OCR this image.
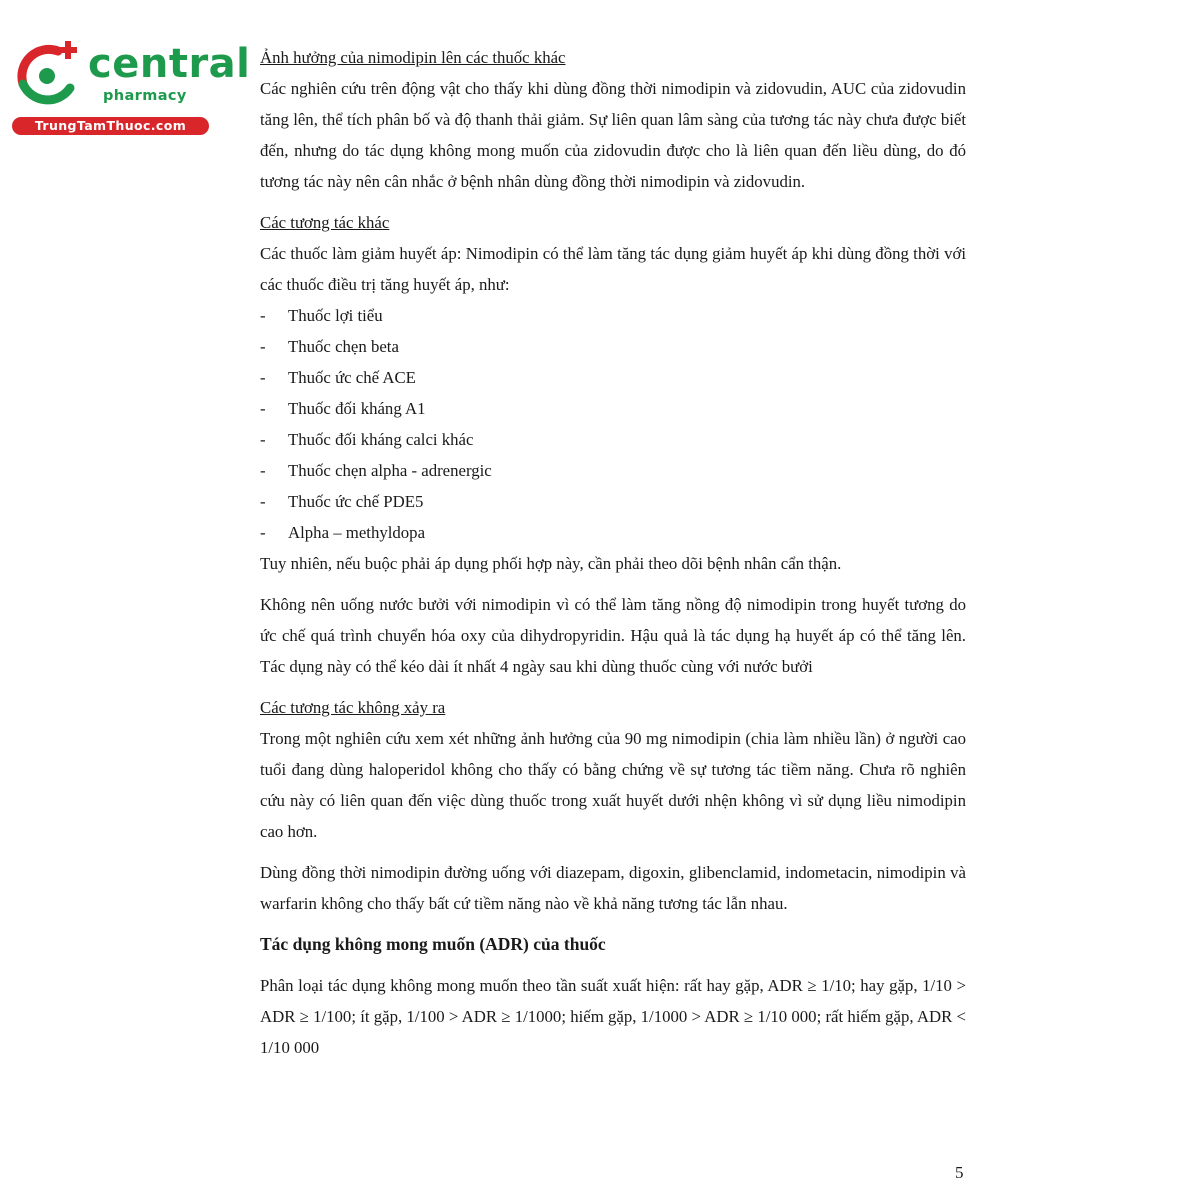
central
pharmacy
TrungTamThuoc.com
Ảnh hưởng của nimodipin lên các thuốc khác

Các nghiên cứu trên động vật cho thấy khi dùng đồng thời nimodipin và zidovudin, AUC của zidovudin tăng lên, thể tích phân bố và độ thanh thải giảm. Sự liên quan lâm sàng của tương tác này chưa được biết đến, nhưng do tác dụng không mong muốn của zidovudin được cho là liên quan đến liều dùng, do đó tương tác này nên cân nhắc ở bệnh nhân dùng đồng thời nimodipin và zidovudin.

Các tương tác khác

Các thuốc làm giảm huyết áp: Nimodipin có thể làm tăng tác dụng giảm huyết áp khi dùng đồng thời với các thuốc điều trị tăng huyết áp, như:

-	Thuốc lợi tiểu
-	Thuốc chẹn beta
-	Thuốc ức chế ACE
-	Thuốc đối kháng A1
-	Thuốc đối kháng calci khác
-	Thuốc chẹn alpha - adrenergic
-	Thuốc ức chế PDE5
-	Alpha – methyldopa

Tuy nhiên, nếu buộc phải áp dụng phối hợp này, cần phải theo dõi bệnh nhân cẩn thận.

Không nên uống nước bưởi với nimodipin vì có thể làm tăng nồng độ nimodipin trong huyết tương do ức chế quá trình chuyển hóa oxy của dihydropyridin. Hậu quả là tác dụng hạ huyết áp có thể tăng lên. Tác dụng này có thể kéo dài ít nhất 4 ngày sau khi dùng thuốc cùng với nước bưởi

Các tương tác không xảy ra

Trong một nghiên cứu xem xét những ảnh hưởng của 90 mg nimodipin (chia làm nhiều lần) ở người cao tuổi đang dùng haloperidol không cho thấy có bằng chứng về sự tương tác tiềm năng. Chưa rõ nghiên cứu này có liên quan đến việc dùng thuốc trong xuất huyết dưới nhện không vì sử dụng liều nimodipin cao hơn.

Dùng đồng thời nimodipin đường uống với diazepam, digoxin, glibenclamid, indometacin, nimodipin và warfarin không cho thấy bất cứ tiềm năng nào về khả năng tương tác lẫn nhau.

Tác dụng không mong muốn (ADR) của thuốc

Phân loại tác dụng không mong muốn theo tần suất xuất hiện: rất hay gặp, ADR ≥ 1/10; hay gặp, 1/10 > ADR ≥ 1/100; ít gặp, 1/100 > ADR ≥ 1/1000; hiếm gặp, 1/1000 > ADR ≥ 1/10 000; rất hiếm gặp, ADR < 1/10 000

5
